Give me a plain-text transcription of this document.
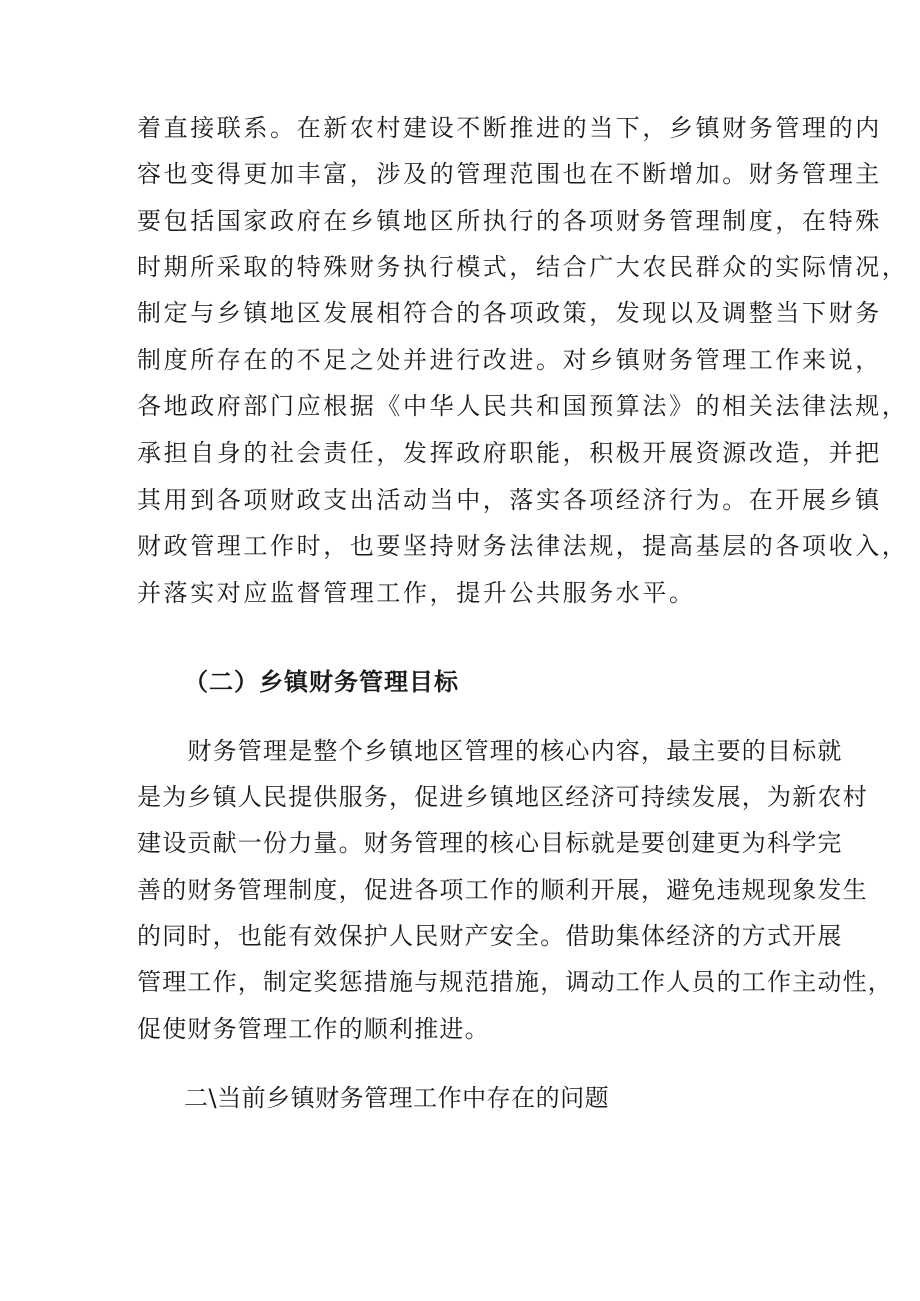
着直接联系。在新农村建设不断推进的当下，乡镇财务管理的内
容也变得更加丰富，涉及的管理范围也在不断增加。财务管理主
要包括国家政府在乡镇地区所执行的各项财务管理制度，在特殊
时期所采取的特殊财务执行模式，结合广大农民群众的实际情况，
制定与乡镇地区发展相符合的各项政策，发现以及调整当下财务
制度所存在的不足之处并进行改进。对乡镇财务管理工作来说，
各地政府部门应根据《中华人民共和国预算法》的相关法律法规，
承担自身的社会责任，发挥政府职能，积极开展资源改造，并把
其用到各项财政支出活动当中，落实各项经济行为。在开展乡镇
财政管理工作时，也要坚持财务法律法规，提高基层的各项收入，
并落实对应监督管理工作，提升公共服务水平。
（二）乡镇财务管理目标
　　财务管理是整个乡镇地区管理的核心内容，最主要的目标就
是为乡镇人民提供服务，促进乡镇地区经济可持续发展，为新农村
建设贡献一份力量。财务管理的核心目标就是要创建更为科学完
善的财务管理制度，促进各项工作的顺利开展，避免违规现象发生
的同时，也能有效保护人民财产安全。借助集体经济的方式开展
管理工作，制定奖惩措施与规范措施，调动工作人员的工作主动性，
促使财务管理工作的顺利推进。
二\当前乡镇财务管理工作中存在的问题
